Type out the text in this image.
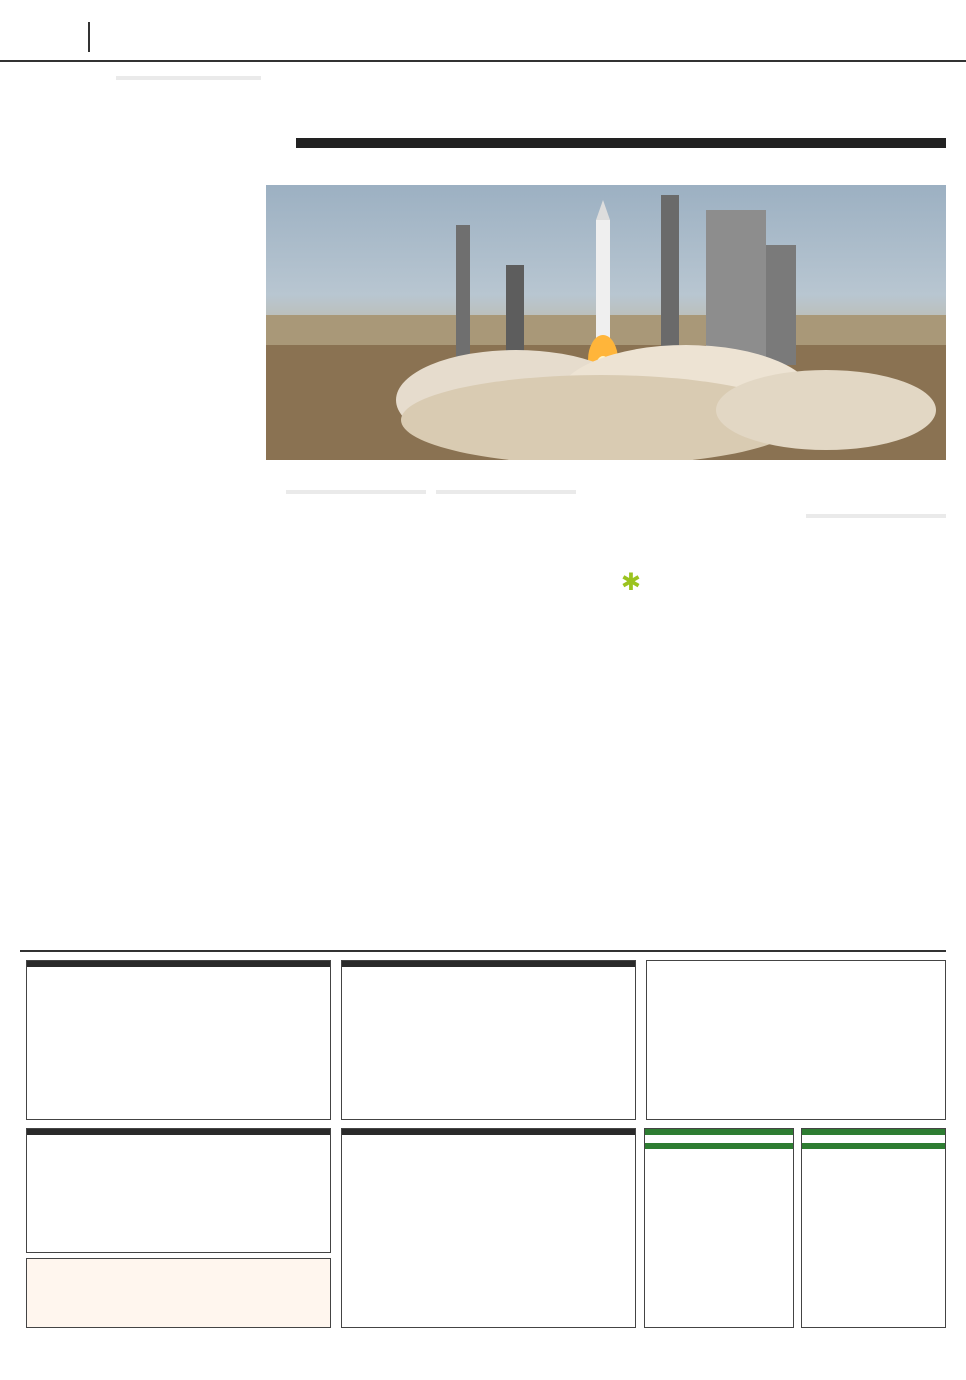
✱
